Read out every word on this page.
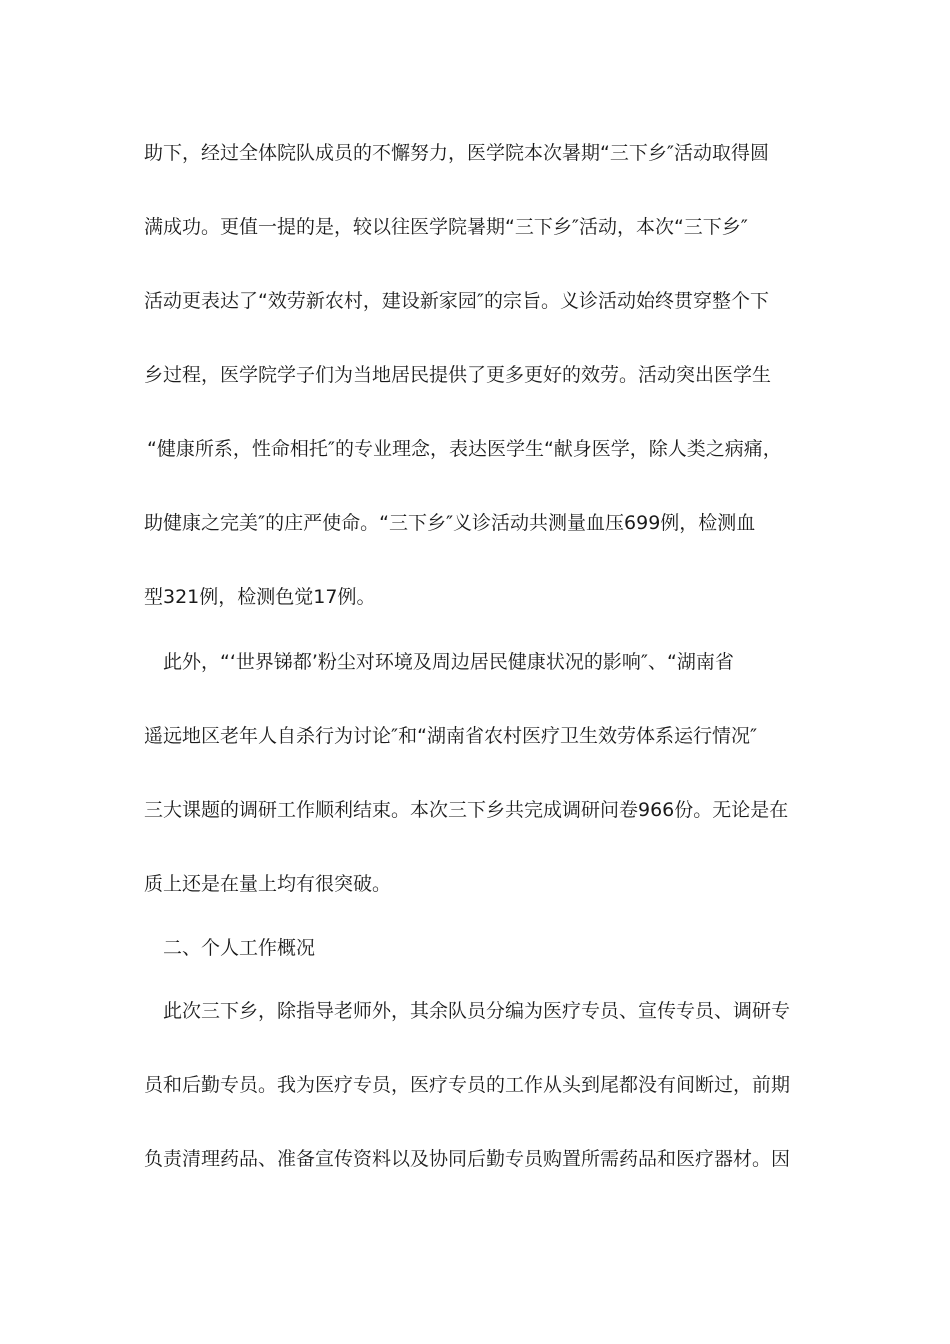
助下，经过全体院队成员的不懈努力，医学院本次暑期“三下乡″活动取得圆

满成功。更值一提的是，较以往医学院暑期“三下乡″活动，本次“三下乡″

活动更表达了“效劳新农村，建设新家园″的宗旨。义诊活动始终贯穿整个下

乡过程，医学院学子们为当地居民提供了更多更好的效劳。活动突出医学生

“健康所系，性命相托″的专业理念，表达医学生“献身医学，除人类之病痛，

助健康之完美″的庄严使命。“三下乡″义诊活动共测量血压699例，检测血

型321例，检测色觉17例。

此外，“‘世界锑都’粉尘对环境及周边居民健康状况的影响″、“湖南省

遥远地区老年人自杀行为讨论″和“湖南省农村医疗卫生效劳体系运行情况″

三大课题的调研工作顺利结束。本次三下乡共完成调研问卷966份。无论是在

质上还是在量上均有很突破。

二、个人工作概况

此次三下乡，除指导老师外，其余队员分编为医疗专员、宣传专员、调研专

员和后勤专员。我为医疗专员，医疗专员的工作从头到尾都没有间断过，前期

负责清理药品、准备宣传资料以及协同后勤专员购置所需药品和医疗器材。因
